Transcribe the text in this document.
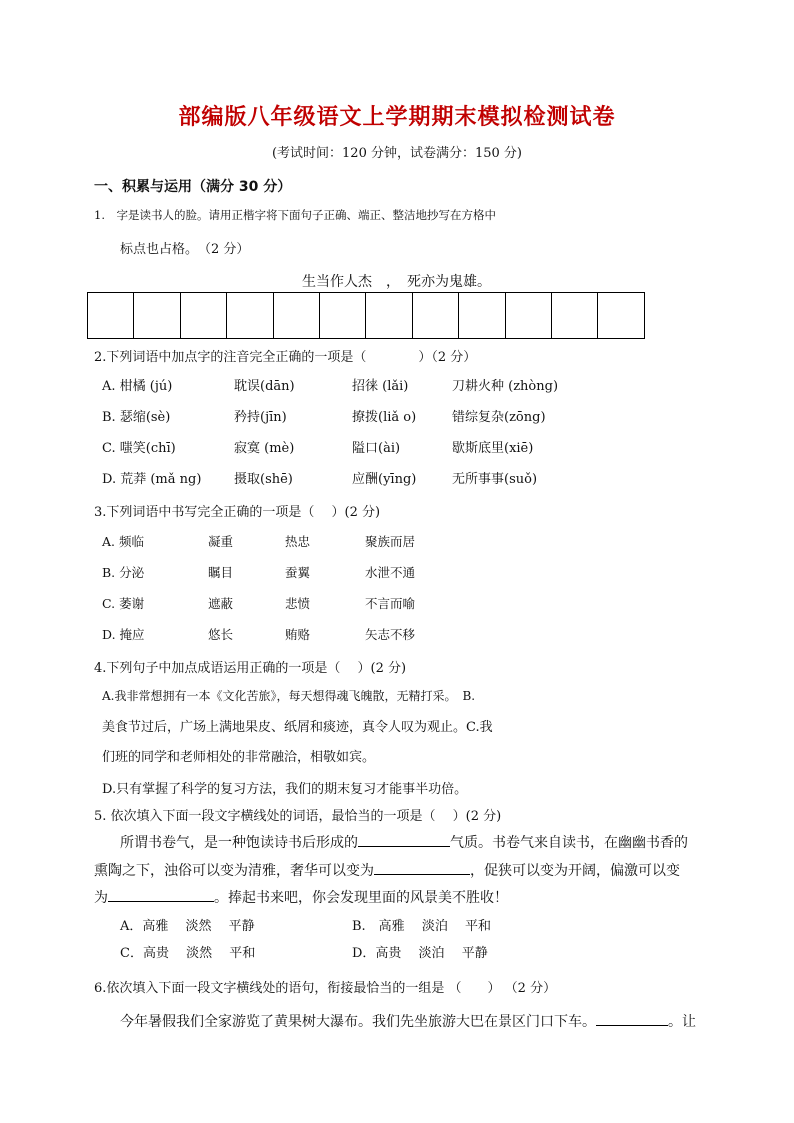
部编版八年级语文上学期期末模拟检测试卷
(考试时间：120 分钟，试卷满分：150 分)
一、积累与运用（满分 30 分）
1.　字是读书人的脸。请用正楷字将下面句子正确、端正、整洁地抄写在方格中
标点也占格。　（2 分）
生当作人杰　，　死亦为鬼雄。
2.下列词语中加点字的注音完全正确的一项是（　　　　）（2 分）
A. 柑橘 (jú)	耽误(dān)	招徕 (lǎi)	刀耕火种 (zhòng)
B. 瑟缩(sè)	矜持(jīn)	撩拨(liǎ o)	错综复杂(zōng)
C. 嗤笑(chī)	寂寞 (mè)	隘口(ài)	歇斯底里(xiē)
D. 荒莽 (mǎ ng)	摄取(shē)	应酬(yīng)	无所事事(suǒ)
3.下列词语中书写完全正确的一项是（　 ）(2 分)
A. 频临	凝重	热忠	聚族而居
B. 分泌	瞩目	蚕翼	水泄不通
C. 萎谢	遮蔽	悲愤	不言而喻
D. 掩应	悠长	贿赂	矢志不移
4.下列句子中加点成语运用正确的一项是（　 ）(2 分)
A.我非常想拥有一本《文化苦旅》，每天想得魂飞魄散，无精打采。　B.
美食节过后，广场上满地果皮、纸屑和痰迹，真令人叹为观止。C.我
们班的同学和老师相处的非常融洽，相敬如宾。
D.只有掌握了科学的复习方法，我们的期末复习才能事半功倍。
5. 依次填入下面一段文字横线处的词语，最恰当的一项是（　 ）(2 分)
所谓书卷气，是一种饱读诗书后形成的	气质。书卷气来自读书，在幽幽书香的
熏陶之下，浊俗可以变为清雅，奢华可以变为	，促狭可以变为开阔，偏激可以变
为	。捧起书来吧，你会发现里面的风景美不胜收！
A．高雅　 淡然　 平静	B.　高雅　 淡泊　 平和
C．高贵　 淡然　 平和	D．高贵　 淡泊　 平静
6.依次填入下面一段文字横线处的语句，衔接最恰当的一组是 （　　） （2 分）
今年暑假我们全家游览了黄果树大瀑布。我们先坐旅游大巴在景区门口下车。	。让
